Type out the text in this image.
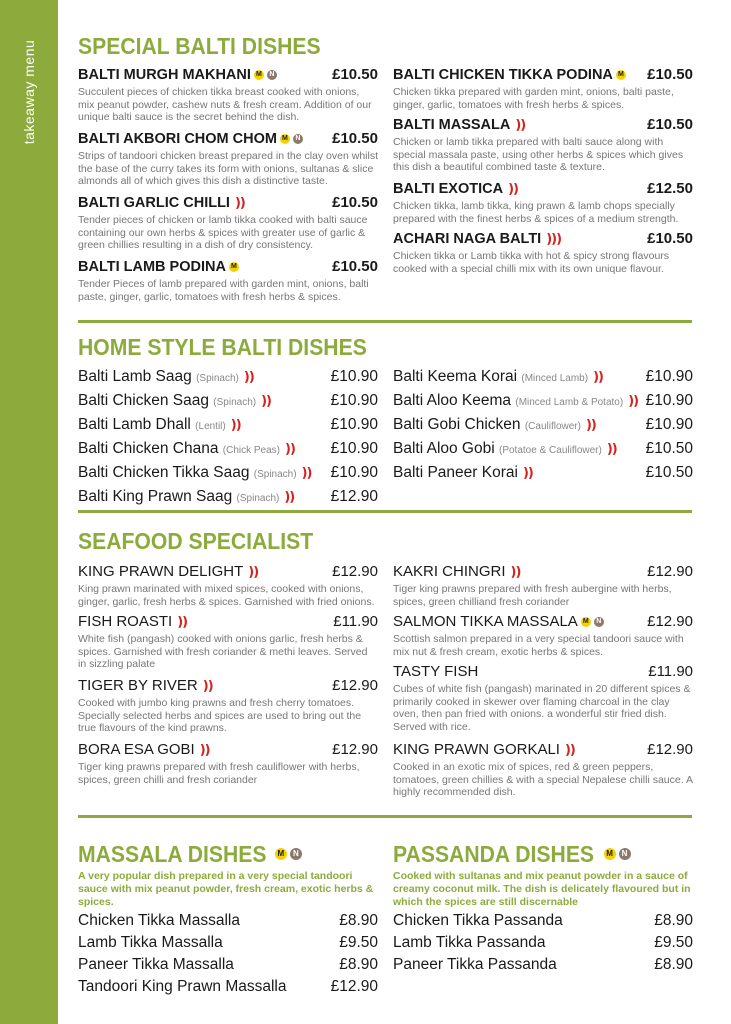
takeaway menu SPECIAL BALTI DISHES
BALTI MURGH MAKHANI M N	£10.50
Succulent pieces of chicken tikka breast cooked with onions, mix peanut powder, cashew nuts & fresh cream. Addition of our unique balti sauce is the secret behind the dish.
BALTI AKBORI CHOM CHOM M N £10.50
Strips of tandoori chicken breast prepared in the clay oven whilst the base of the curry takes its form with onions, sultanas & slice almonds all of which gives this dish a distinctive taste.
BALTI GARLIC CHILLI ))	£10.50
Tender pieces of chicken or lamb tikka cooked with balti sauce containing our own herbs & spices with greater use of garlic & green chillies resulting in a dish of dry consistency.
BALTI LAMB PODINA M	£10.50
Tender Pieces of lamb prepared with garden mint, onions, balti paste, ginger, garlic, tomatoes with fresh herbs & spices.
BALTI CHICKEN TIKKA PODINA M £10.50
Chicken tikka prepared with garden mint, onions, balti paste, ginger, garlic, tomatoes with fresh herbs & spices.
BALTI MASSALA ))	£10.50
Chicken or lamb tikka prepared with balti sauce along with special massala paste, using other herbs & spices which gives this dish a beautiful combined taste & texture.
BALTI EXOTICA ))	£12.50
Chicken tikka, lamb tikka, king prawn & lamb chops specially prepared with the finest herbs & spices of a medium strength.
ACHARI NAGA BALTI )))	£10.50
Chicken tikka or Lamb tikka with hot & spicy strong flavours cooked with a special chilli mix with its own unique flavour.
HOME STYLE BALTI DISHES
Balti Lamb Saag (Spinach) ))	£10.90
Balti Chicken Saag (Spinach) ))	£10.90
Balti Lamb Dhall (Lentil) ))	£10.90
Balti Chicken Chana (Chick Peas) )) £10.90
Balti Chicken Tikka Saag (Spinach) )) £10.90
Balti King Prawn Saag (Spinach) )) £12.90
Balti Keema Korai (Minced Lamb) ))	£10.90
Balti Aloo Keema (Minced Lamb & Potato) )) £10.90
Balti Gobi Chicken (Cauliflower) ))	£10.90
Balti Aloo Gobi (Potatoe & Cauliflower) )) £10.50
Balti Paneer Korai ))	£10.50
SEAFOOD SPECIALIST
KING PRAWN DELIGHT ))	£12.90
King prawn marinated with mixed spices, cooked with onions, ginger, garlic, fresh herbs & spices. Garnished with fried onions.
FISH ROASTI ))	£11.90
White fish (pangash) cooked with onions garlic, fresh herbs & spices. Garnished with fresh coriander & methi leaves. Served in sizzling palate
TIGER BY RIVER ))	£12.90
Cooked with jumbo king prawns and fresh cherry tomatoes. Specially selected herbs and spices are used to bring out the true flavours of the kind prawns.
BORA ESA GOBI ))	£12.90
Tiger king prawns prepared with fresh cauliflower with herbs, spices, green chilli and fresh coriander
KAKRI CHINGRI ))	£12.90
Tiger king prawns prepared with fresh aubergine with herbs, spices, green chilliand fresh coriander
SALMON TIKKA MASSALA M N	£12.90
Scottish salmon prepared in a very special tandoori sauce with mix nut & fresh cream, exotic herbs & spices.
TASTY FISH	£11.90
Cubes of white fish (pangash) marinated in 20 different spices & primarily cooked in skewer over flaming charcoal in the clay oven, then pan fried with onions. a wonderful stir fried dish. Served with rice.
KING PRAWN GORKALI ))	£12.90
Cooked in an exotic mix of spices, red & green peppers, tomatoes, green chillies & with a special Nepalese chilli sauce. A highly recommended dish.
MASSALA DISHES	M	N
A very popular dish prepared in a very special tandoori sauce with mix peanut powder, fresh cream, exotic herbs & spices.
Chicken Tikka Massalla	£8.90
Lamb Tikka Massalla	£9.50
Paneer Tikka Massalla	£8.90
Tandoori King Prawn Massalla	£12.90
PASSANDA DISHES	M	N
Cooked with sultanas and mix peanut powder in a sauce of creamy coconut milk. The dish is delicately flavoured but in which the spices are still discernable
Chicken Tikka Passanda	£8.90
Lamb Tikka Passanda	£9.50
Paneer Tikka Passanda	£8.90
